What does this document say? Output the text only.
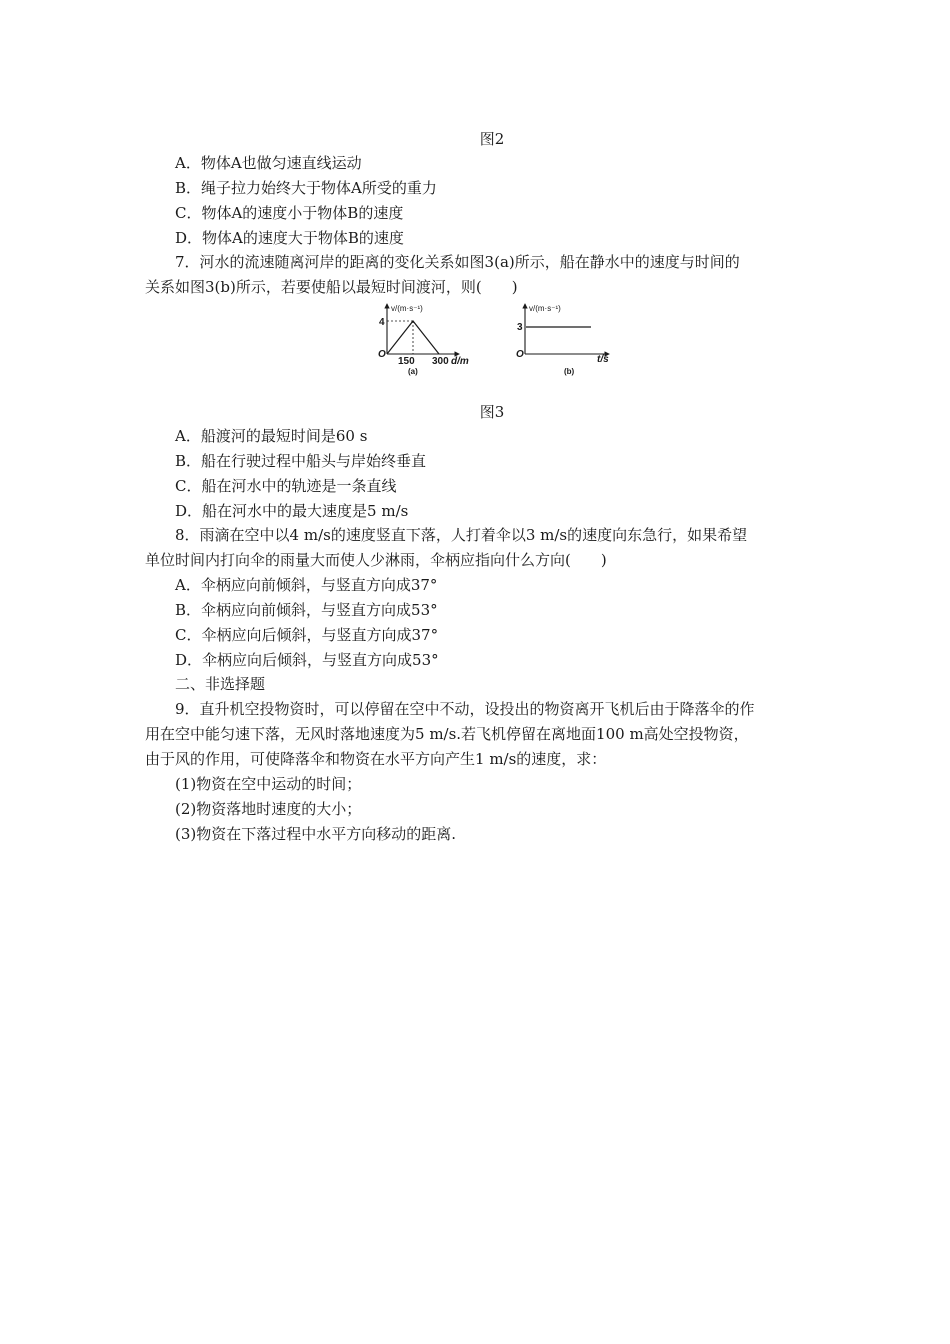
图2
A．物体A也做匀速直线运动
B．绳子拉力始终大于物体A所受的重力
C．物体A的速度小于物体B的速度
D．物体A的速度大于物体B的速度
7．河水的流速随离河岸的距离的变化关系如图3(a)所示，船在静水中的速度与时间的
关系如图3(b)所示，若要使船以最短时间渡河，则(　　)
v/(m·s⁻¹)
O
4
150 300 d/m
(a)
v/(m·s⁻¹)
O
3
t/s
(b)
图3
A．船渡河的最短时间是60 s
B．船在行驶过程中船头与岸始终垂直
C．船在河水中的轨迹是一条直线
D．船在河水中的最大速度是5 m/s
8．雨滴在空中以4 m/s的速度竖直下落，人打着伞以3 m/s的速度向东急行，如果希望
单位时间内打向伞的雨量大而使人少淋雨，伞柄应指向什么方向(　　)
A．伞柄应向前倾斜，与竖直方向成37°
B．伞柄应向前倾斜，与竖直方向成53°
C．伞柄应向后倾斜，与竖直方向成37°
D．伞柄应向后倾斜，与竖直方向成53°
二、非选择题
9．直升机空投物资时，可以停留在空中不动，设投出的物资离开飞机后由于降落伞的作
用在空中能匀速下落，无风时落地速度为5 m/s.若飞机停留在离地面100 m高处空投物资，
由于风的作用，可使降落伞和物资在水平方向产生1 m/s的速度，求：
(1)物资在空中运动的时间；
(2)物资落地时速度的大小；
(3)物资在下落过程中水平方向移动的距离.
